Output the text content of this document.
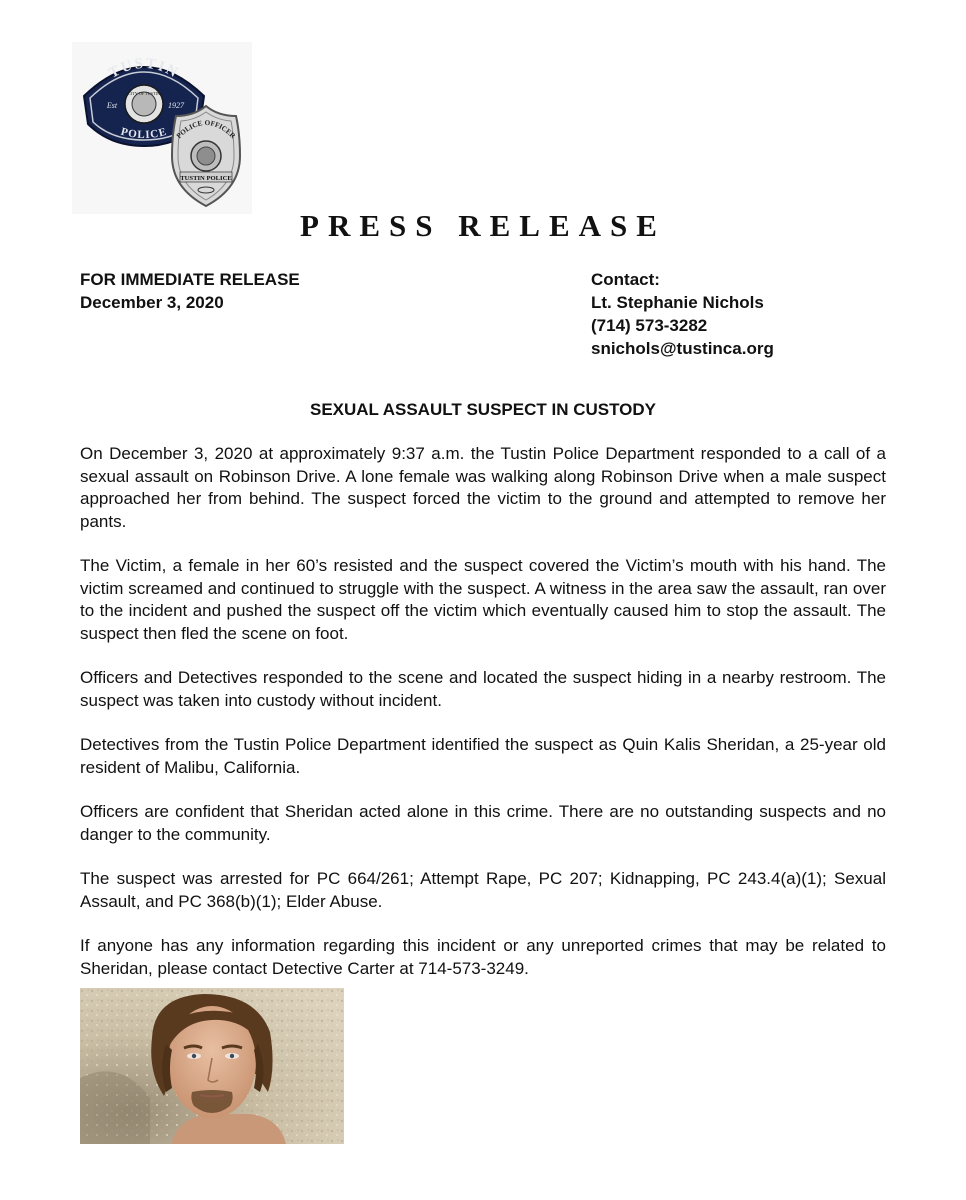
TUSTIN
CITY OF TUSTIN
Est	1927
POLICE POLICE OFFICER
TUSTIN POLICE
PRESS RELEASE
FOR IMMEDIATE RELEASE
December 3, 2020
Contact:
Lt. Stephanie Nichols
(714) 573-3282
snichols@tustinca.org
SEXUAL ASSAULT SUSPECT IN CUSTODY

On December 3, 2020 at approximately 9:37 a.m. the Tustin Police Department responded to a call of a sexual assault on Robinson Drive. A lone female was walking along Robinson Drive when a male suspect approached her from behind. The suspect forced the victim to the ground and attempted to remove her pants.

The Victim, a female in her 60’s resisted and the suspect covered the Victim’s mouth with his hand. The victim screamed and continued to struggle with the suspect. A witness in the area saw the assault, ran over to the incident and pushed the suspect off the victim which eventually caused him to stop the assault. The suspect then fled the scene on foot.

Officers and Detectives responded to the scene and located the suspect hiding in a nearby restroom. The suspect was taken into custody without incident.

Detectives from the Tustin Police Department identified the suspect as Quin Kalis Sheridan, a 25-year old resident of Malibu, California.

Officers are confident that Sheridan acted alone in this crime. There are no outstanding suspects and no danger to the community.

The suspect was arrested for PC 664/261; Attempt Rape, PC 207; Kidnapping, PC 243.4(a)(1); Sexual Assault, and PC 368(b)(1); Elder Abuse.

If anyone has any information regarding this incident or any unreported crimes that may be related to Sheridan, please contact Detective Carter at 714-573-3249.
